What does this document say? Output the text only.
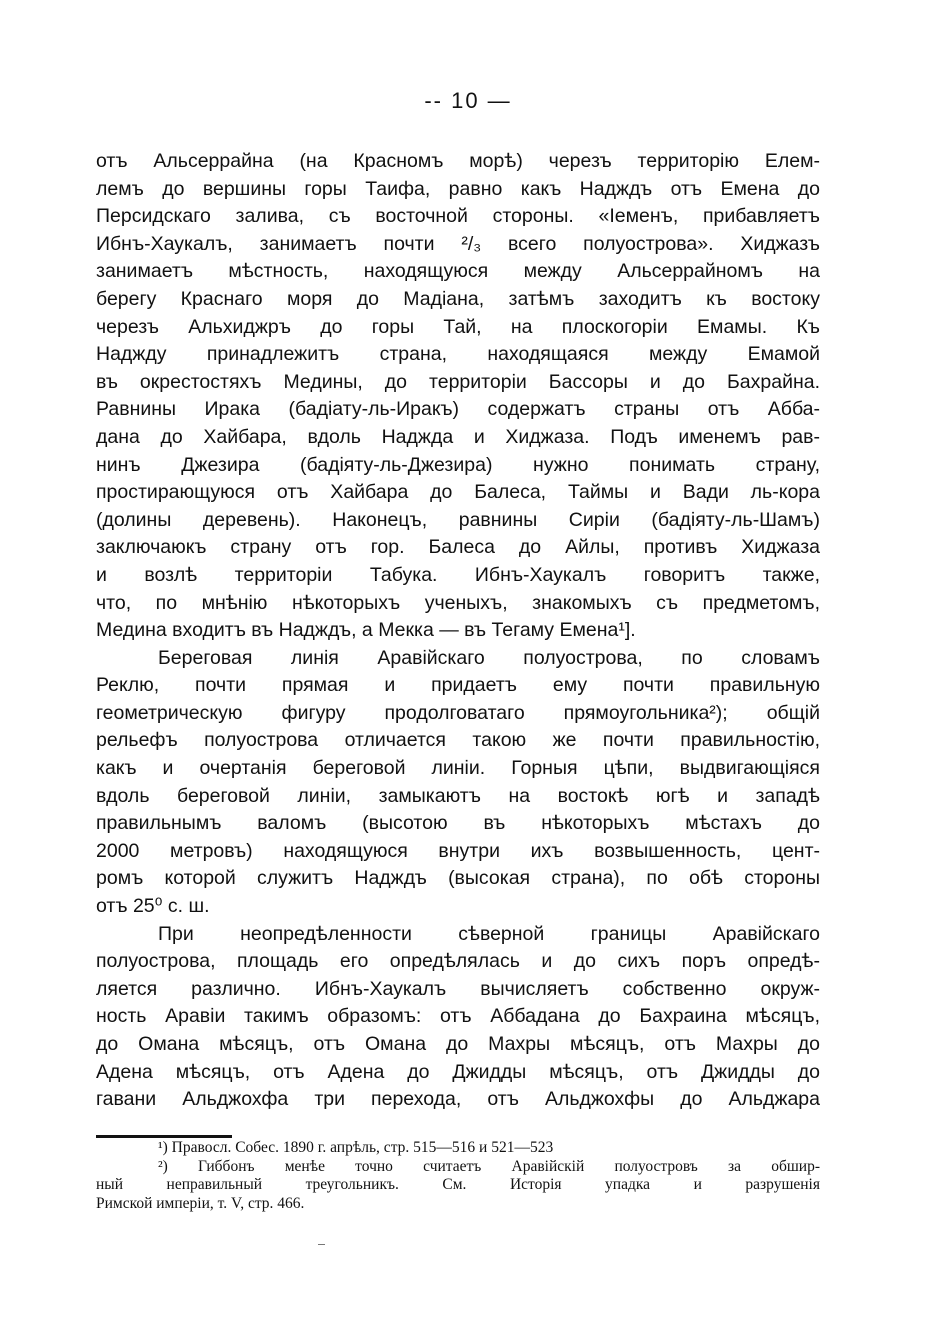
-- 10 —
отъ Альсеррайна (на Красномъ морѣ) черезъ территорію Елем-
лемъ до вершины горы Таифа, равно какъ Надждъ отъ Емена до
Персидскаго залива, съ восточной стороны. «Іеменъ, прибавляетъ
Ибнъ-Хаукалъ, занимаетъ почти ²/₃ всего полуострова». Хиджазъ
занимаетъ мѣстность, находящуюся между Альсеррайномъ на
берегу Краснаго моря до Мадіана, затѣмъ заходитъ къ востоку
черезъ Альхиджръ до горы Тай, на плоскогоріи Емамы. Къ
Надждy принадлежитъ страна, находящаяся между Емамой
въ окрестостяхъ Медины, до территоріи Бассоры и до Бахрайна.
Равнины Ирака (бадіату-ль-Иракъ) содержатъ страны отъ Абба-
дана до Хайбара, вдоль Надждa и Хиджаза. Подъ именемъ рав-
нинъ Джезира (бадіяту-ль-Джезира) нужно понимать страну,
простирающуюся отъ Хайбара до Балеса, Таймы и Вади ль-кора
(долины деревень). Наконецъ, равнины Сиріи (бадіяту-ль-Шамъ)
заключаюкъ страну отъ гор. Балеса до Айлы, противъ Хиджаза
и возлѣ территоріи Табука. Ибнъ-Хаукалъ говоритъ также,
что, по мнѣнію нѣкоторыхъ ученыхъ, знакомыхъ съ предметомъ,
Медина входитъ въ Надждъ, а Мекка — въ Тегаму Емена¹].
Береговая линія Аравійскаго полуострова, по словамъ
Реклю, почти прямая и придаетъ ему почти правильную
геометрическую фигуру продолговатаго прямоугольника²); общій
рельефъ полуострова отличается такою же почти правильностію,
какъ и очертанія береговой линіи. Горныя цѣпи, выдвигающіяся
вдоль береговой линіи, замыкаютъ на востокѣ югѣ и западѣ
правильнымъ валомъ (высотою въ нѣкоторыхъ мѣстахъ до
2000 метровъ) находящуюся внутри ихъ возвышенность, цент-
ромъ которой служитъ Надждъ (высокая страна), по обѣ стороны
отъ 25⁰ с. ш.
При неопредѣленности сѣверной границы Аравійскаго
полуострова, площадь его опредѣлялась и до сихъ поръ опредѣ-
ляется различно. Ибнъ-Хаукалъ вычисляетъ собственно окруж-
ность Аравіи такимъ образомъ: отъ Аббадана до Бахраина мѣсяцъ,
до Омана мѣсяцъ, отъ Омана до Махры мѣсяцъ, отъ Махры до
Адена мѣсяцъ, отъ Адена до Джидды мѣсяцъ, отъ Джидды до
гавани Альджохфа три перехода, отъ Альджохфы до Альджара
¹) Правосл. Собес. 1890 г. апрѣль, стр. 515—516 и 521—523
²) Гиббонъ менѣе точно считаетъ Аравійскій полуостровъ за обшир-
ный неправильный треугольникъ. См. Исторія упадка и разрушенія
Римской имперіи, т. V, стр. 466.
